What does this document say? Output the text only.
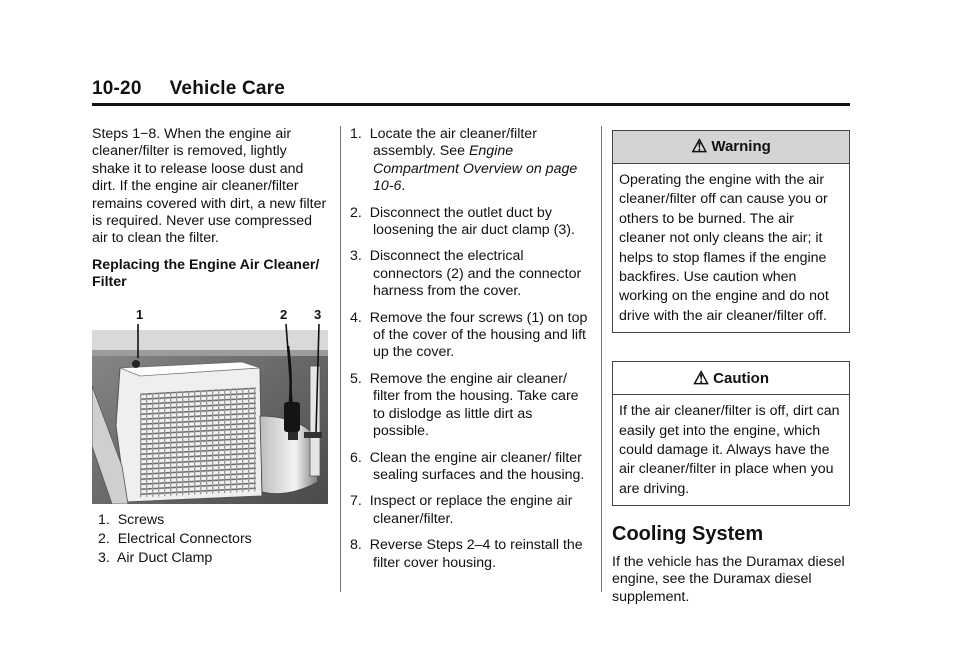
10-20 Vehicle Care

Steps 1−8. When the engine air cleaner/filter is removed, lightly shake it to release loose dust and dirt. If the engine air cleaner/filter remains covered with dirt, a new filter is required. Never use compressed air to clean the filter.

Replacing the Engine Air Cleaner/ Filter

1	2 3
1.  Screws
2.  Electrical Connectors
3.  Air Duct Clamp
1. Locate the air cleaner/filter assembly. See Engine Compartment Overview on page 10-6.
2. Disconnect the outlet duct by loosening the air duct clamp (3).
3. Disconnect the electrical connectors (2) and the connector harness from the cover.
4. Remove the four screws (1) on top of the cover of the housing and lift up the cover.
5. Remove the engine air cleaner/ filter from the housing. Take care to dislodge as little dirt as possible.
6. Clean the engine air cleaner/ filter sealing surfaces and the housing.
7. Inspect or replace the engine air cleaner/filter.
8. Reverse Steps 2–4 to reinstall the filter cover housing.
⚠ Warning
Operating the engine with the air cleaner/filter off can cause you or others to be burned. The air cleaner not only cleans the air; it helps to stop flames if the engine backfires. Use caution when working on the engine and do not drive with the air cleaner/filter off.
⚠ Caution
If the air cleaner/filter is off, dirt can easily get into the engine, which could damage it. Always have the air cleaner/filter in place when you are driving.
Cooling System

If the vehicle has the Duramax diesel engine, see the Duramax diesel supplement.
